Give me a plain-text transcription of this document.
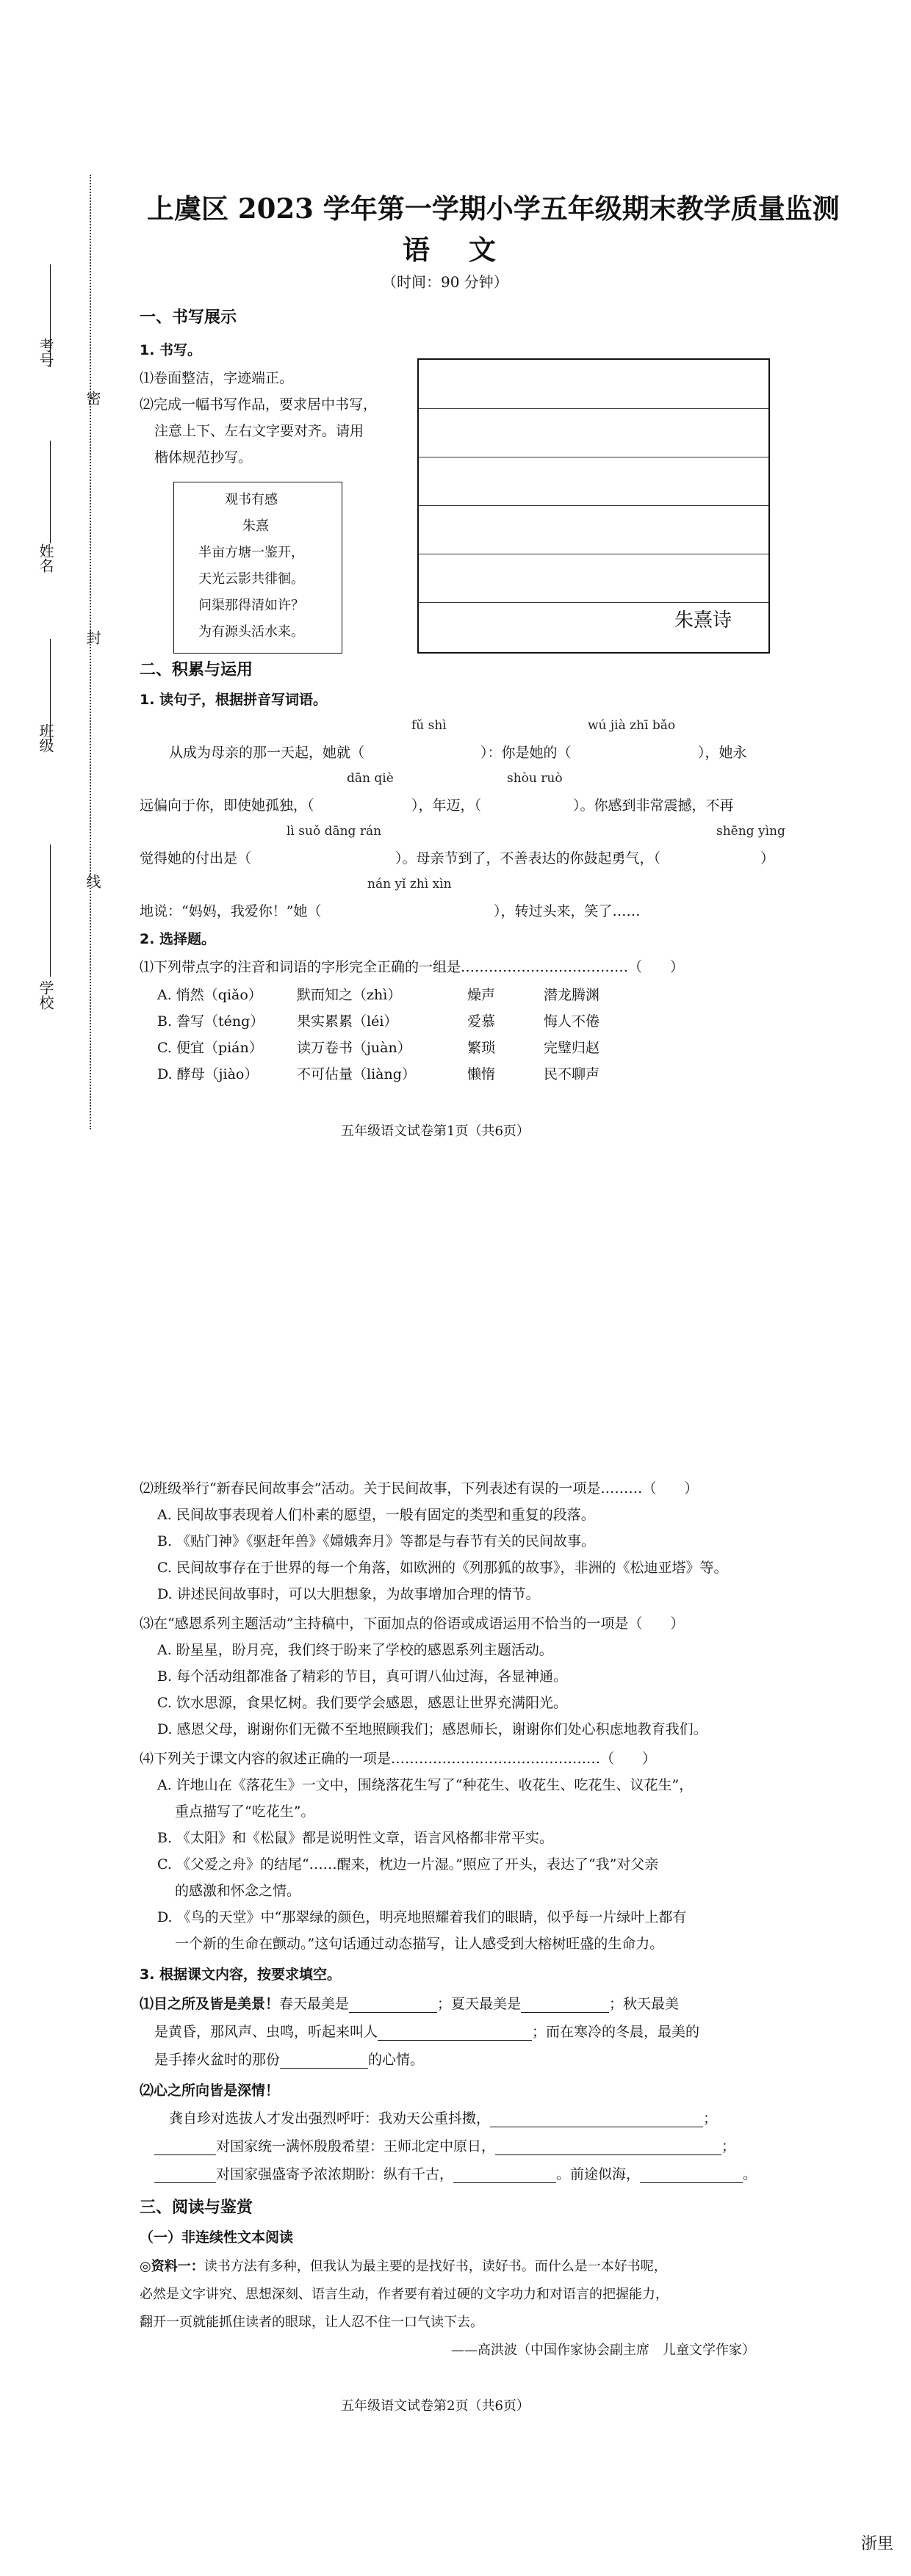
密
封
线
考号
姓名
班级
学校
上虞区 2023 学年第一学期小学五年级期末教学质量监测
语 文
（时间：90 分钟）
一、书写展示
1. 书写。
⑴卷面整洁，字迹端正。
⑵完成一幅书写作品，要求居中书写，
注意上下、左右文字要对齐。请用
楷体规范抄写。
观书有感
朱熹
半亩方塘一鉴开，
天光云影共徘徊。
问渠那得清如许？
为有源头活水来。
朱熹诗
二、积累与运用
1. 读句子，根据拼音写词语。
fǔ shì	wú jià zhī bǎo
从成为母亲的那一天起，她就（	）：你是她的（	），她永
dān qiè	shòu ruò
远偏向于你，即使她孤独，（	），年迈，（	）。你感到非常震撼，不再
lì suǒ dāng rán	shēng yìng
觉得她的付出是（	）。母亲节到了，不善表达的你鼓起勇气，（	）
nán yǐ zhì xìn
地说：“妈妈，我爱你！”她（	），转过头来，笑了……
2. 选择题。
⑴下列带点字的注音和词语的字形完全正确的一组是………………………………（　　）
A. 悄然（qiǎo） 默而知之（zhì）	燥声	潜龙腾渊
B. 誊写（téng） 果实累累（léi）	爱慕	悔人不倦
C. 便宜（pián） 读万卷书（juàn）	繁琐	完璧归赵
D. 酵母（jiào）	不可估量（liàng）	懒惰	民不聊声
五年级语文试卷第1页（共6页）
⑵班级举行“新春民间故事会”活动。关于民间故事，下列表述有误的一项是………（　　）
A. 民间故事表现着人们朴素的愿望，一般有固定的类型和重复的段落。
B. 《贴门神》《驱赶年兽》《嫦娥奔月》等都是与春节有关的民间故事。
C. 民间故事存在于世界的每一个角落，如欧洲的《列那狐的故事》，非洲的《松迪亚塔》等。
D. 讲述民间故事时，可以大胆想象，为故事增加合理的情节。
⑶在“感恩系列主题活动”主持稿中，下面加点的俗语或成语运用不恰当的一项是（　　）
A. 盼星星，盼月亮，我们终于盼来了学校的感恩系列主题活动。
B. 每个活动组都准备了精彩的节目，真可谓八仙过海，各显神通。
C. 饮水思源，食果忆树。我们要学会感恩，感恩让世界充满阳光。
D. 感恩父母，谢谢你们无微不至地照顾我们；感恩师长，谢谢你们处心积虑地教育我们。
⑷下列关于课文内容的叙述正确的一项是………………………………………（　　）
A. 许地山在《落花生》一文中，围绕落花生写了“种花生、收花生、吃花生、议花生”，
重点描写了“吃花生”。
B. 《太阳》和《松鼠》都是说明性文章，语言风格都非常平实。
C. 《父爱之舟》的结尾“……醒来，枕边一片湿。”照应了开头，表达了“我”对父亲
的感激和怀念之情。
D. 《鸟的天堂》中“那翠绿的颜色，明亮地照耀着我们的眼睛，似乎每一片绿叶上都有
一个新的生命在颤动。”这句话通过动态描写，让人感受到大榕树旺盛的生命力。
3. 根据课文内容，按要求填空。
⑴目之所及皆是美景！春天最美是	；夏天最美是	；秋天最美
是黄昏，那风声、虫鸣，听起来叫人	；而在寒冷的冬晨，最美的
是手捧火盆时的那份	的心情。
⑵心之所向皆是深情！
龚自珍对选拔人才发出强烈呼吁：我劝天公重抖擞，	；
对国家统一满怀殷殷希望：王师北定中原日，	；
对国家强盛寄予浓浓期盼：纵有千古，	。前途似海，	。
三、阅读与鉴赏
（一）非连续性文本阅读
◎资料一：读书方法有多种，但我认为最主要的是找好书，读好书。而什么是一本好书呢，
必然是文字讲究、思想深刻、语言生动，作者要有着过硬的文字功力和对语言的把握能力，
翻开一页就能抓住读者的眼球，让人忍不住一口气读下去。
——高洪波（中国作家协会副主席　儿童文学作家）
五年级语文试卷第2页（共6页）
浙里
